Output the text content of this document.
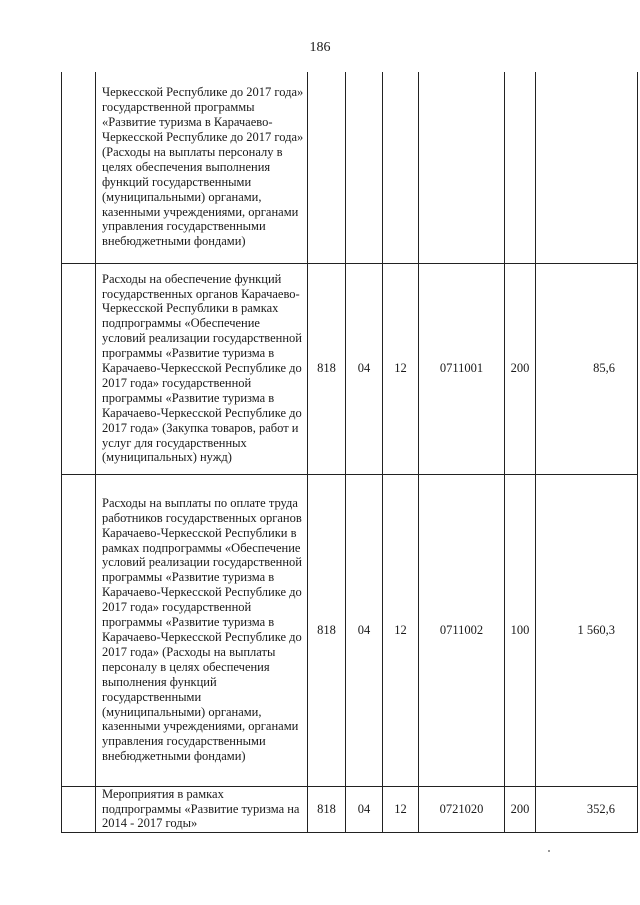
186
	Черкесской Республике до 2017 года» государственной программы «Развитие туризма в Карачаево-Черкесской Республике до 2017 года» (Расходы на выплаты персоналу в целях обеспечения выполнения функций государственными (муниципальными) органами, казенными учреждениями, органами управления государственными внебюджетными фондами)						
	Расходы на обеспечение функций государственных органов Карачаево-Черкесской Республики в рамках подпрограммы «Обеспечение условий реализации государственной программы «Развитие туризма в Карачаево-Черкесской Республике до 2017 года» государственной программы «Развитие туризма в Карачаево-Черкесской Республике до 2017 года» (Закупка товаров, работ и услуг для государственных (муниципальных) нужд)	818	04	12	0711001	200	85,6
	Расходы на выплаты по оплате труда работников государственных органов Карачаево-Черкесской Республики в рамках подпрограммы «Обеспечение условий реализации государственной программы «Развитие туризма в Карачаево-Черкесской Республике до 2017 года» государственной программы «Развитие туризма в Карачаево-Черкесской Республике до 2017 года» (Расходы на выплаты персоналу в целях обеспечения выполнения функций государственными (муниципальными) органами, казенными учреждениями, органами управления государственными внебюджетными фондами)	818	04	12	0711002	100	1 560,3
	Мероприятия в рамках подпрограммы «Развитие туризма на 2014 - 2017 годы»	818	04	12	0721020	200	352,6
